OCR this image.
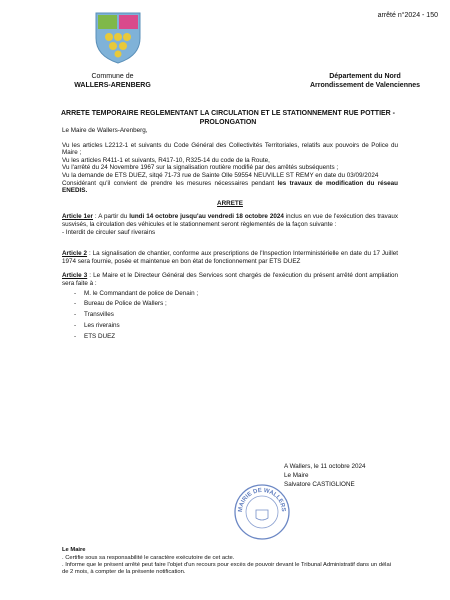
arrêté n°2024 - 150
Commune de
WALLERS-ARENBERG
Département du Nord
Arrondissement de Valenciennes
ARRETE TEMPORAIRE REGLEMENTANT LA CIRCULATION ET LE STATIONNEMENT RUE POTTIER - PROLONGATION

Le Maire de Wallers-Arenberg,

Vu les articles L2212-1 et suivants du Code Général des Collectivités Territoriales, relatifs aux pouvoirs de Police du Maire ;

Vu les articles R411-1 et suivants, R417-10, R325-14 du code de la Route,

Vu l'arrêté du 24 Novembre 1967 sur la signalisation routière modifié par des arrêtés subséquents ;

Vu la demande de ETS DUEZ, sitqé 71-73 rue de Sainte Olle 59554 NEUVILLE ST REMY en date du 03/09/2024

Considérant qu'il convient de prendre les mesures nécessaires pendant les travaux de modification du réseau ENEDIS.

ARRETE

Article 1er : A partir du lundi 14 octobre jusqu'au vendredi 18 octobre 2024 inclus en vue de l'exécution des travaux susvisés, la circulation des véhicules et le stationnement seront règlementés de la façon suivante :

- Interdit de circuler sauf riverains

Article 2 : La signalisation de chantier, conforme aux prescriptions de l'Inspection Interministérielle en date du 17 Juillet 1974 sera fournie, posée et maintenue en bon état de fonctionnement par ETS DUEZ

Article 3 : Le Maire et le Directeur Général des Services sont chargés de l'exécution du présent arrêté dont ampliation sera faite à :

- M. le Commandant de police de Denain ;
- Bureau de Police de Wallers ;
- Transvilles
- Les riverains
- ETS DUEZ
A Wallers, le 11 octobre 2024
Le Maire
Salvatore CASTIGLIONE
MAIRIE DE WALLERS
Le Maire

. Certifie sous sa responsabilité le caractère exécutoire de cet acte.

. Informe que le présent arrêté peut faire l'objet d'un recours pour excès de pouvoir devant le Tribunal Administratif dans un délai de 2 mois, à compter de la présente notification.
